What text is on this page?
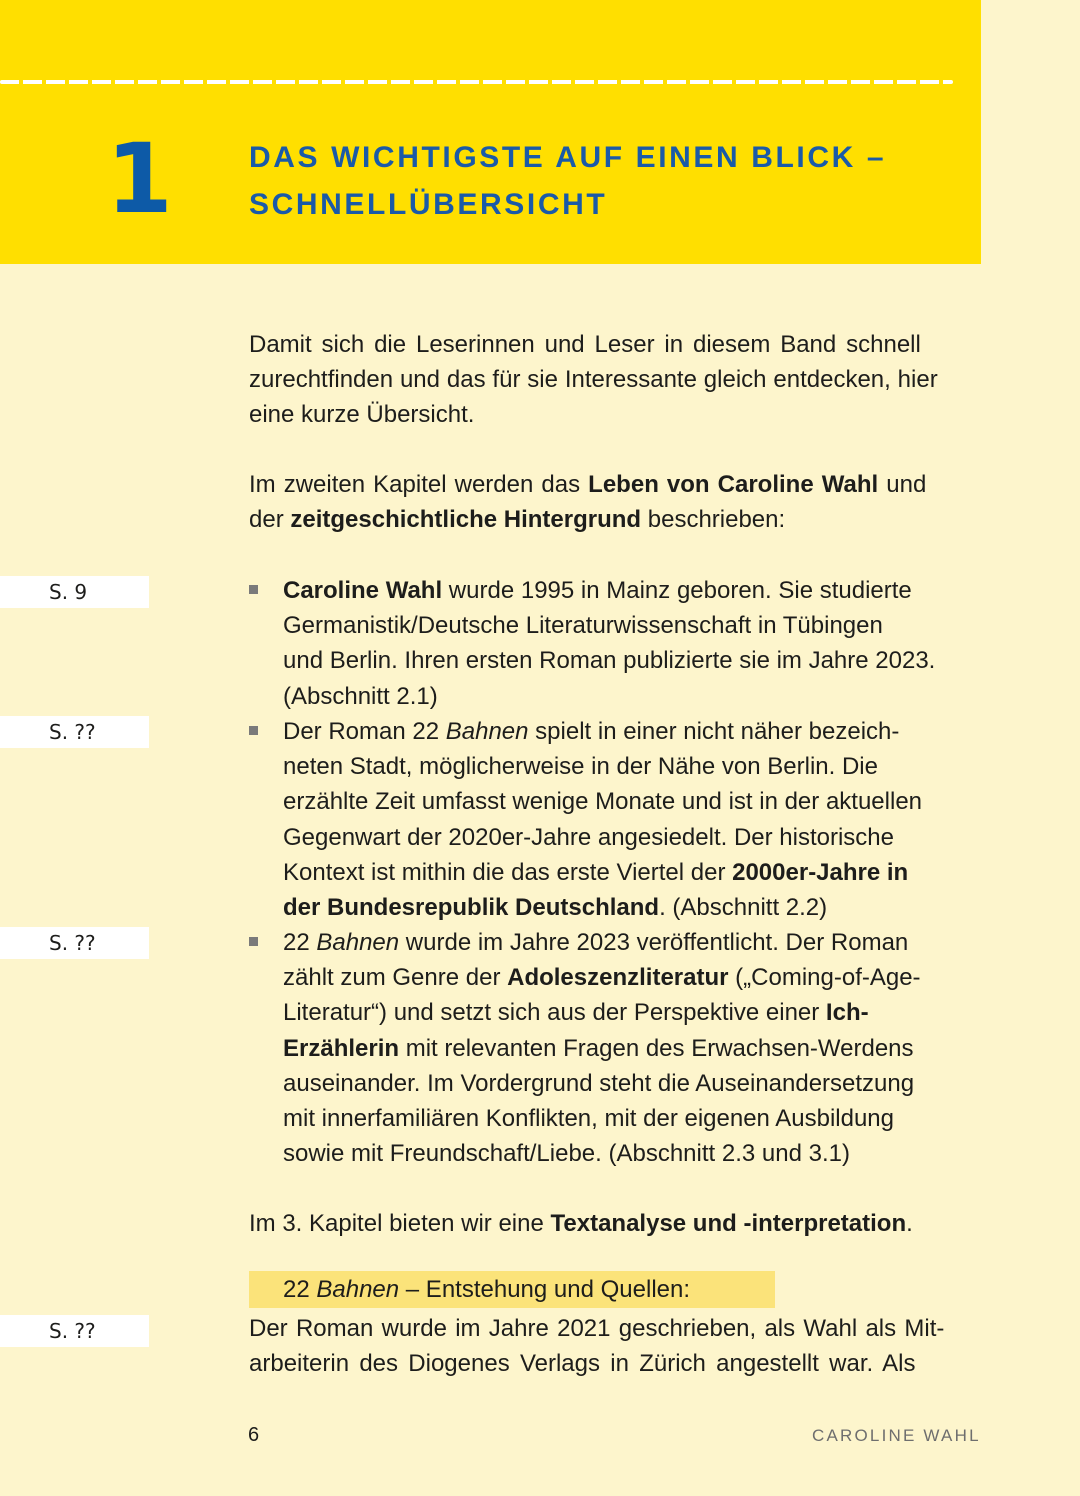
1	DAS WICHTIGSTE AUF EINEN BLICK –
SCHNELLÜBERSICHT
Damit sich die Leserinnen und Leser in diesem Band schnell
zurechtfinden und das für sie Interessante gleich entdecken, hier
eine kurze Übersicht.
Im zweiten Kapitel werden das Leben von Caroline Wahl und
der zeitgeschichtliche Hintergrund beschrieben:
S. 9
S. ??
S. ??
S. ??
Caroline Wahl wurde 1995 in Mainz geboren. Sie studierte
Germanistik/Deutsche Literaturwissenschaft in Tübingen
und Berlin. Ihren ersten Roman publizierte sie im Jahre 2023.
(Abschnitt 2.1)
Der Roman 22 Bahnen spielt in einer nicht näher bezeich-
neten Stadt, möglicherweise in der Nähe von Berlin. Die
erzählte Zeit umfasst wenige Monate und ist in der aktuellen
Gegenwart der 2020er-Jahre angesiedelt. Der historische
Kontext ist mithin die das erste Viertel der 2000er-Jahre in
der Bundesrepublik Deutschland. (Abschnitt 2.2)
22 Bahnen wurde im Jahre 2023 veröffentlicht. Der Roman
zählt zum Genre der Adoleszenzliteratur („Coming-of-Age-
Literatur“) und setzt sich aus der Perspektive einer Ich-
Erzählerin mit relevanten Fragen des Erwachsen-Werdens
auseinander. Im Vordergrund steht die Auseinandersetzung
mit innerfamiliären Konflikten, mit der eigenen Ausbildung
sowie mit Freundschaft/Liebe. (Abschnitt 2.3 und 3.1)
Im 3. Kapitel bieten wir eine Textanalyse und -interpretation.
22 Bahnen – Entstehung und Quellen:
Der Roman wurde im Jahre 2021 geschrieben, als Wahl als Mit-
arbeiterin des Diogenes Verlags in Zürich angestellt war. Als
6	CAROLINE WAHL
